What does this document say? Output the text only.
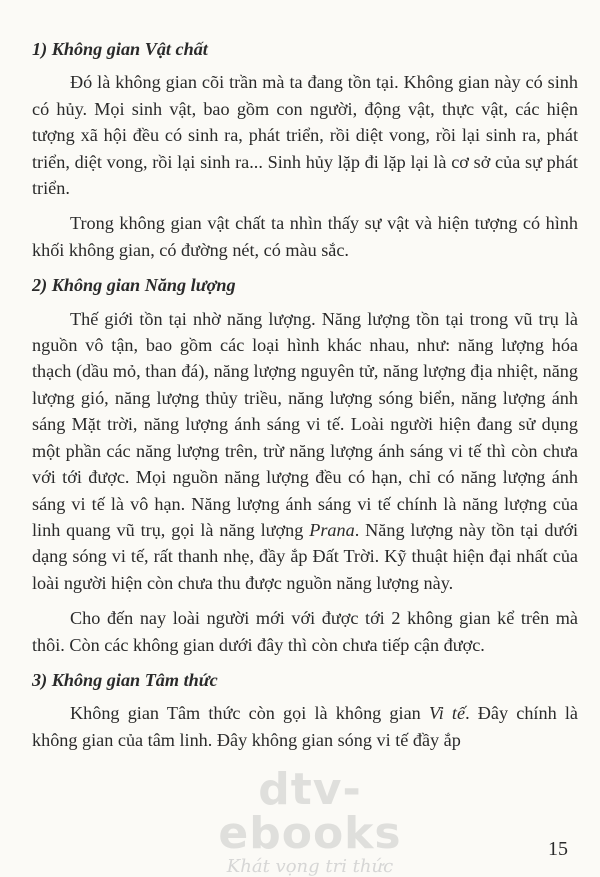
1) Không gian Vật chất

Đó là không gian cõi trần mà ta đang tồn tại. Không gian này có sinh có hủy. Mọi sinh vật, bao gồm con người, động vật, thực vật, các hiện tượng xã hội đều có sinh ra, phát triển, rồi diệt vong, rồi lại sinh ra, phát triển, diệt vong, rồi lại sinh ra... Sinh hủy lặp đi lặp lại là cơ sở của sự phát triển.

Trong không gian vật chất ta nhìn thấy sự vật và hiện tượng có hình khối không gian, có đường nét, có màu sắc.

2) Không gian Năng lượng

Thế giới tồn tại nhờ năng lượng. Năng lượng tồn tại trong vũ trụ là nguồn vô tận, bao gồm các loại hình khác nhau, như: năng lượng hóa thạch (dầu mỏ, than đá), năng lượng nguyên tử, năng lượng địa nhiệt, năng lượng gió, năng lượng thủy triều, năng lượng sóng biển, năng lượng ánh sáng Mặt trời, năng lượng ánh sáng vi tế. Loài người hiện đang sử dụng một phần các năng lượng trên, trừ năng lượng ánh sáng vi tế thì còn chưa với tới được. Mọi nguồn năng lượng đều có hạn, chỉ có năng lượng ánh sáng vi tế là vô hạn. Năng lượng ánh sáng vi tế chính là năng lượng của linh quang vũ trụ, gọi là năng lượng Prana. Năng lượng này tồn tại dưới dạng sóng vi tế, rất thanh nhẹ, đầy ắp Đất Trời. Kỹ thuật hiện đại nhất của loài người hiện còn chưa thu được nguồn năng lượng này.

Cho đến nay loài người mới với được tới 2 không gian kể trên mà thôi. Còn các không gian dưới đây thì còn chưa tiếp cận được.

3) Không gian Tâm thức

Không gian Tâm thức còn gọi là không gian Vi tế. Đây chính là không gian của tâm linh. Đây không gian sóng vi tế đầy ắp

dtv-ebooks
Khát vọng tri thức
15
